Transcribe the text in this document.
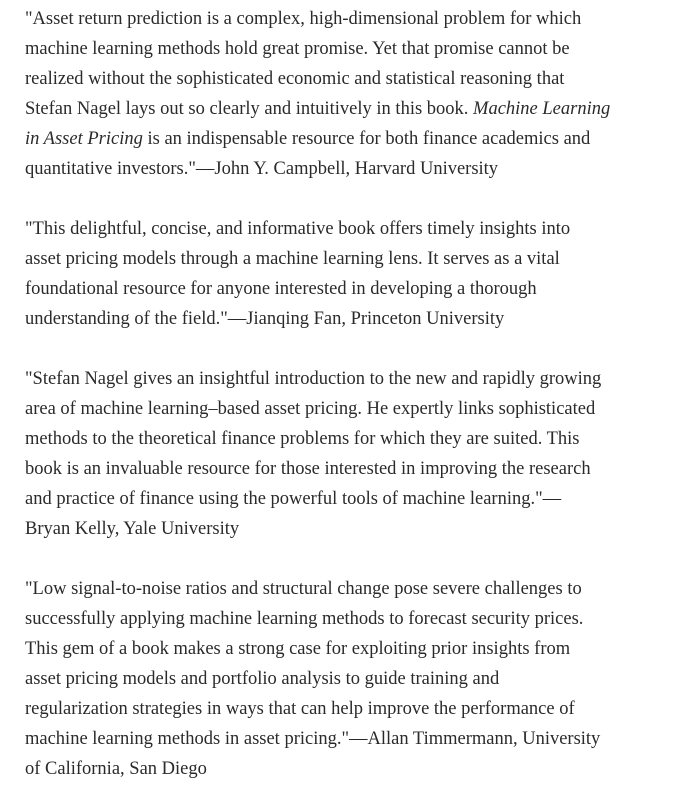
"Asset return prediction is a complex, high-dimensional problem for which
machine learning methods hold great promise. Yet that promise cannot be
realized without the sophisticated economic and statistical reasoning that
Stefan Nagel lays out so clearly and intuitively in this book. Machine Learning
in Asset Pricing is an indispensable resource for both finance academics and
quantitative investors."—John Y. Campbell, Harvard University

"This delightful, concise, and informative book offers timely insights into
asset pricing models through a machine learning lens. It serves as a vital
foundational resource for anyone interested in developing a thorough
understanding of the field."—Jianqing Fan, Princeton University

"Stefan Nagel gives an insightful introduction to the new and rapidly growing
area of machine learning–based asset pricing. He expertly links sophisticated
methods to the theoretical finance problems for which they are suited. This
book is an invaluable resource for those interested in improving the research
and practice of finance using the powerful tools of machine learning."—
Bryan Kelly, Yale University

"Low signal-to-noise ratios and structural change pose severe challenges to
successfully applying machine learning methods to forecast security prices.
This gem of a book makes a strong case for exploiting prior insights from
asset pricing models and portfolio analysis to guide training and
regularization strategies in ways that can help improve the performance of
machine learning methods in asset pricing."—Allan Timmermann, University
of California, San Diego
